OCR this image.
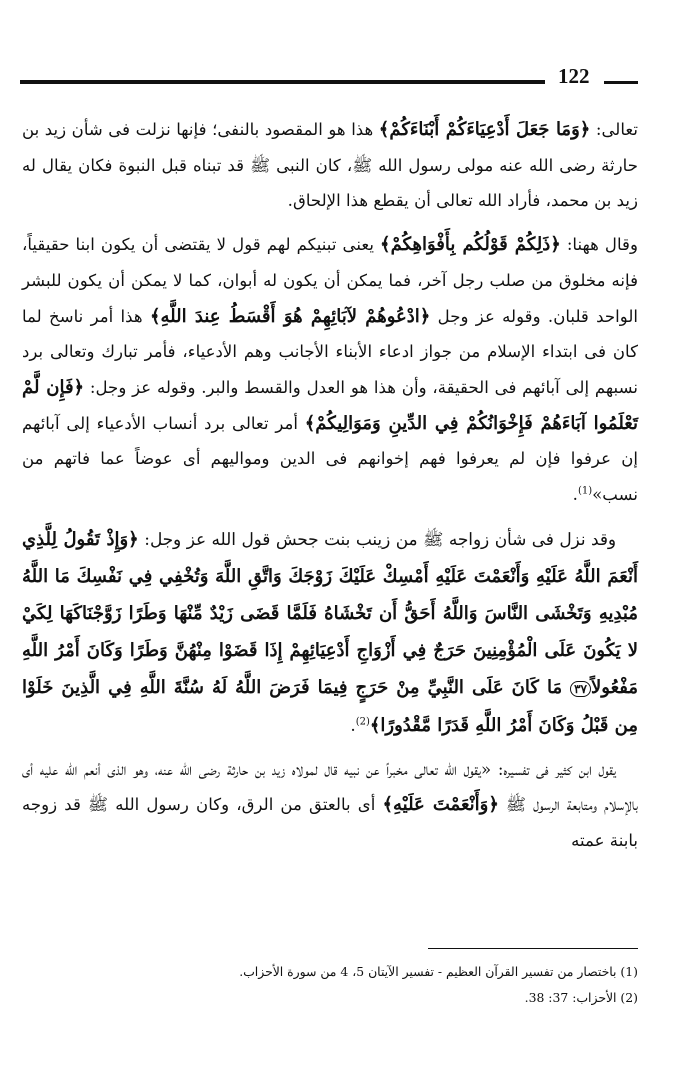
122

تعالى: ﴿وَمَا جَعَلَ أَدْعِيَاءَكُمْ أَبْنَاءَكُمْ﴾ هذا هو المقصود بالنفى؛ فإنها نزلت فى شأن زيد بن حارثة رضى الله عنه مولى رسول الله ﷺ، كان النبى ﷺ قد تبناه قبل النبوة فكان يقال له زيد بن محمد، فأراد الله تعالى أن يقطع هذا الإلحاق.

وقال ههنا: ﴿ذَلِكُمْ قَوْلُكُم بِأَفْوَاهِكُمْ﴾ يعنى تبنيكم لهم قول لا يقتضى أن يكون ابنا حقيقياً، فإنه مخلوق من صلب رجل آخر، فما يمكن أن يكون له أبوان، كما لا يمكن أن يكون للبشر الواحد قلبان. وقوله عز وجل ﴿ادْعُوهُمْ لآبَائِهِمْ هُوَ أَقْسَطُ عِندَ اللَّهِ﴾ هذا أمر ناسخ لما كان فى ابتداء الإسلام من جواز ادعاء الأبناء الأجانب وهم الأدعياء، فأمر تبارك وتعالى برد نسبهم إلى آبائهم فى الحقيقة، وأن هذا هو العدل والقسط والبر. وقوله عز وجل: ﴿فَإِن لَّمْ تَعْلَمُوا آبَاءَهُمْ فَإِخْوَانُكُمْ فِي الدِّينِ وَمَوَالِيكُمْ﴾ أمر تعالى برد أنساب الأدعياء إلى آبائهم إن عرفوا فإن لم يعرفوا فهم إخوانهم فى الدين ومواليهم أى عوضاً عما فاتهم من نسب»$^{(1)}$.

وقد نزل فى شأن زواجه ﷺ من زينب بنت جحش قول الله عز وجل: ﴿وَإِذْ تَقُولُ لِلَّذِي أَنْعَمَ اللَّهُ عَلَيْهِ وَأَنْعَمْتَ عَلَيْهِ أَمْسِكْ عَلَيْكَ زَوْجَكَ وَاتَّقِ اللَّهَ وَتُخْفِي فِي نَفْسِكَ مَا اللَّهُ مُبْدِيهِ وَتَخْشَى النَّاسَ وَاللَّهُ أَحَقُّ أَن تَخْشَاهُ فَلَمَّا قَضَى زَيْدٌ مِّنْهَا وَطَرًا زَوَّجْنَاكَهَا لِكَيْ لا يَكُونَ عَلَى الْمُؤْمِنِينَ حَرَجٌ فِي أَزْوَاجِ أَدْعِيَائِهِمْ إِذَا قَضَوْا مِنْهُنَّ وَطَرًا وَكَانَ أَمْرُ اللَّهِ مَفْعُولاً٣٧ مَا كَانَ عَلَى النَّبِيِّ مِنْ حَرَجٍ فِيمَا فَرَضَ اللَّهُ لَهُ سُنَّةَ اللَّهِ فِي الَّذِينَ خَلَوْا مِن قَبْلُ وَكَانَ أَمْرُ اللَّهِ قَدَرًا مَّقْدُورًا﴾$^{(2)}$.

يقول ابن كثير فى تفسيره: «يقول الله تعالى مخبراً عن نبيه قال لمولاه زيد بن حارثة رضى الله عنه، وهو الذى أنعم الله عليه أى بالإسلام ومتابعة الرسول ﷺ ﴿وَأَنْعَمْتَ عَلَيْهِ﴾ أى بالعتق من الرق، وكان رسول الله ﷺ قد زوجه بابنة عمته

(1) باختصار من تفسير القرآن العظيم - تفسير الآيتان 5، 4 من سورة الأحزاب.

(2) الأحزاب: 37: 38.
